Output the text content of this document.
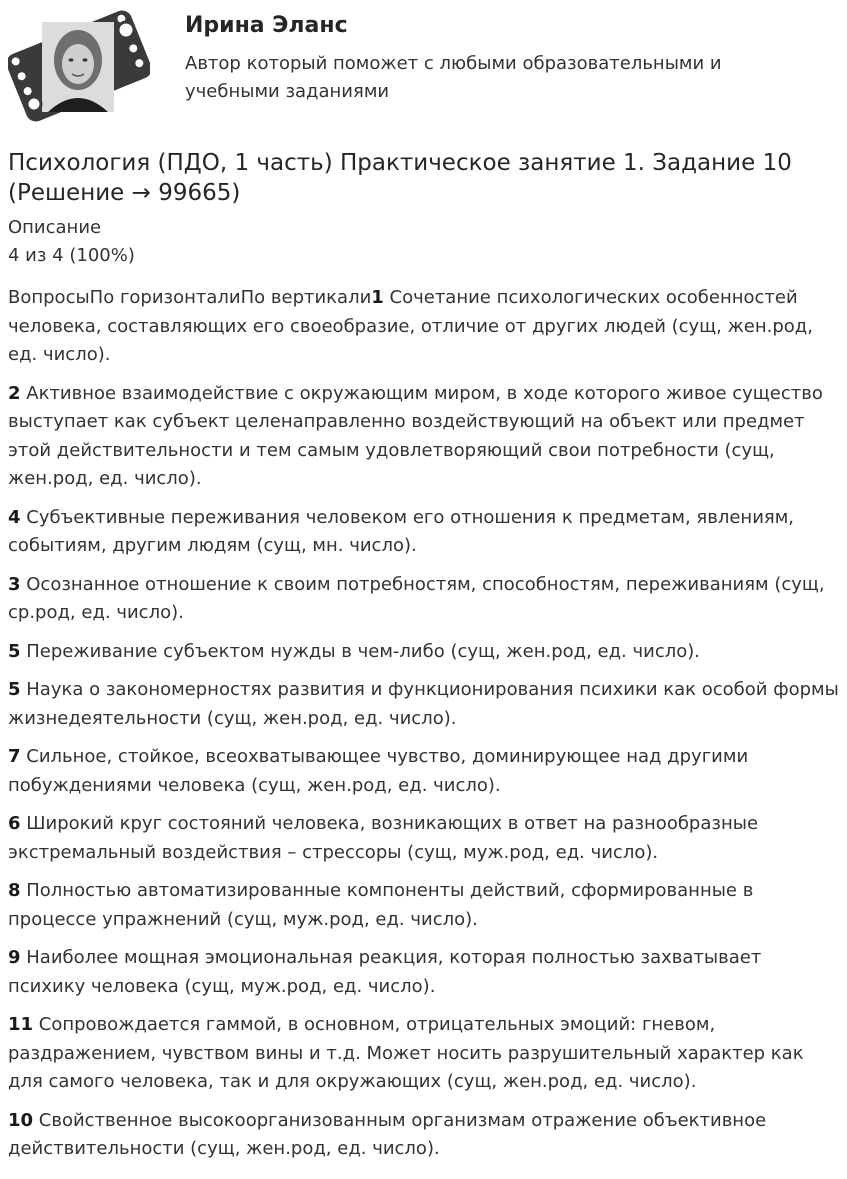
Ирина Эланс

Автор который поможет с любыми образовательными и учебными заданиями

Психология (ПДО, 1 часть) Практическое занятие 1. Задание 10 (Решение → 99665)

Описание

4 из 4 (100%)

ВопросыПо горизонталиПо вертикали1 Сочетание психологических особенностей человека, составляющих его своеобразие, отличие от других людей (сущ, жен.род, ед. число).

2 Активное взаимодействие с окружающим миром, в ходе которого живое существо выступает как субъект целенаправленно воздействующий на объект или предмет этой действительности и тем самым удовлетворяющий свои потребности (сущ, жен.род, ед. число).

4 Субъективные переживания человеком его отношения к предметам, явлениям, событиям, другим людям (сущ, мн. число).

3 Осознанное отношение к своим потребностям, способностям, переживаниям (сущ, ср.род, ед. число).

5 Переживание субъектом нужды в чем-либо (сущ, жен.род, ед. число).

5 Наука о закономерностях развития и функционирования психики как особой формы жизнедеятельности (сущ, жен.род, ед. число).

7 Сильное, стойкое, всеохватывающее чувство, доминирующее над другими побуждениями человека (сущ, жен.род, ед. число).

6 Широкий круг состояний человека, возникающих в ответ на разнообразные экстремальный воздействия – стрессоры (сущ, муж.род, ед. число).

8 Полностью автоматизированные компоненты действий, сформированные в процессе упражнений (сущ, муж.род, ед. число).

9 Наиболее мощная эмоциональная реакция, которая полностью захватывает психику человека (сущ, муж.род, ед. число).

11 Сопровождается гаммой, в основном, отрицательных эмоций: гневом, раздражением, чувством вины и т.д. Может носить разрушительный характер как для самого человека, так и для окружающих (сущ, жен.род, ед. число).

10 Свойственное высокоорганизованным организмам отражение объективное действительности (сущ, жен.род, ед. число).
